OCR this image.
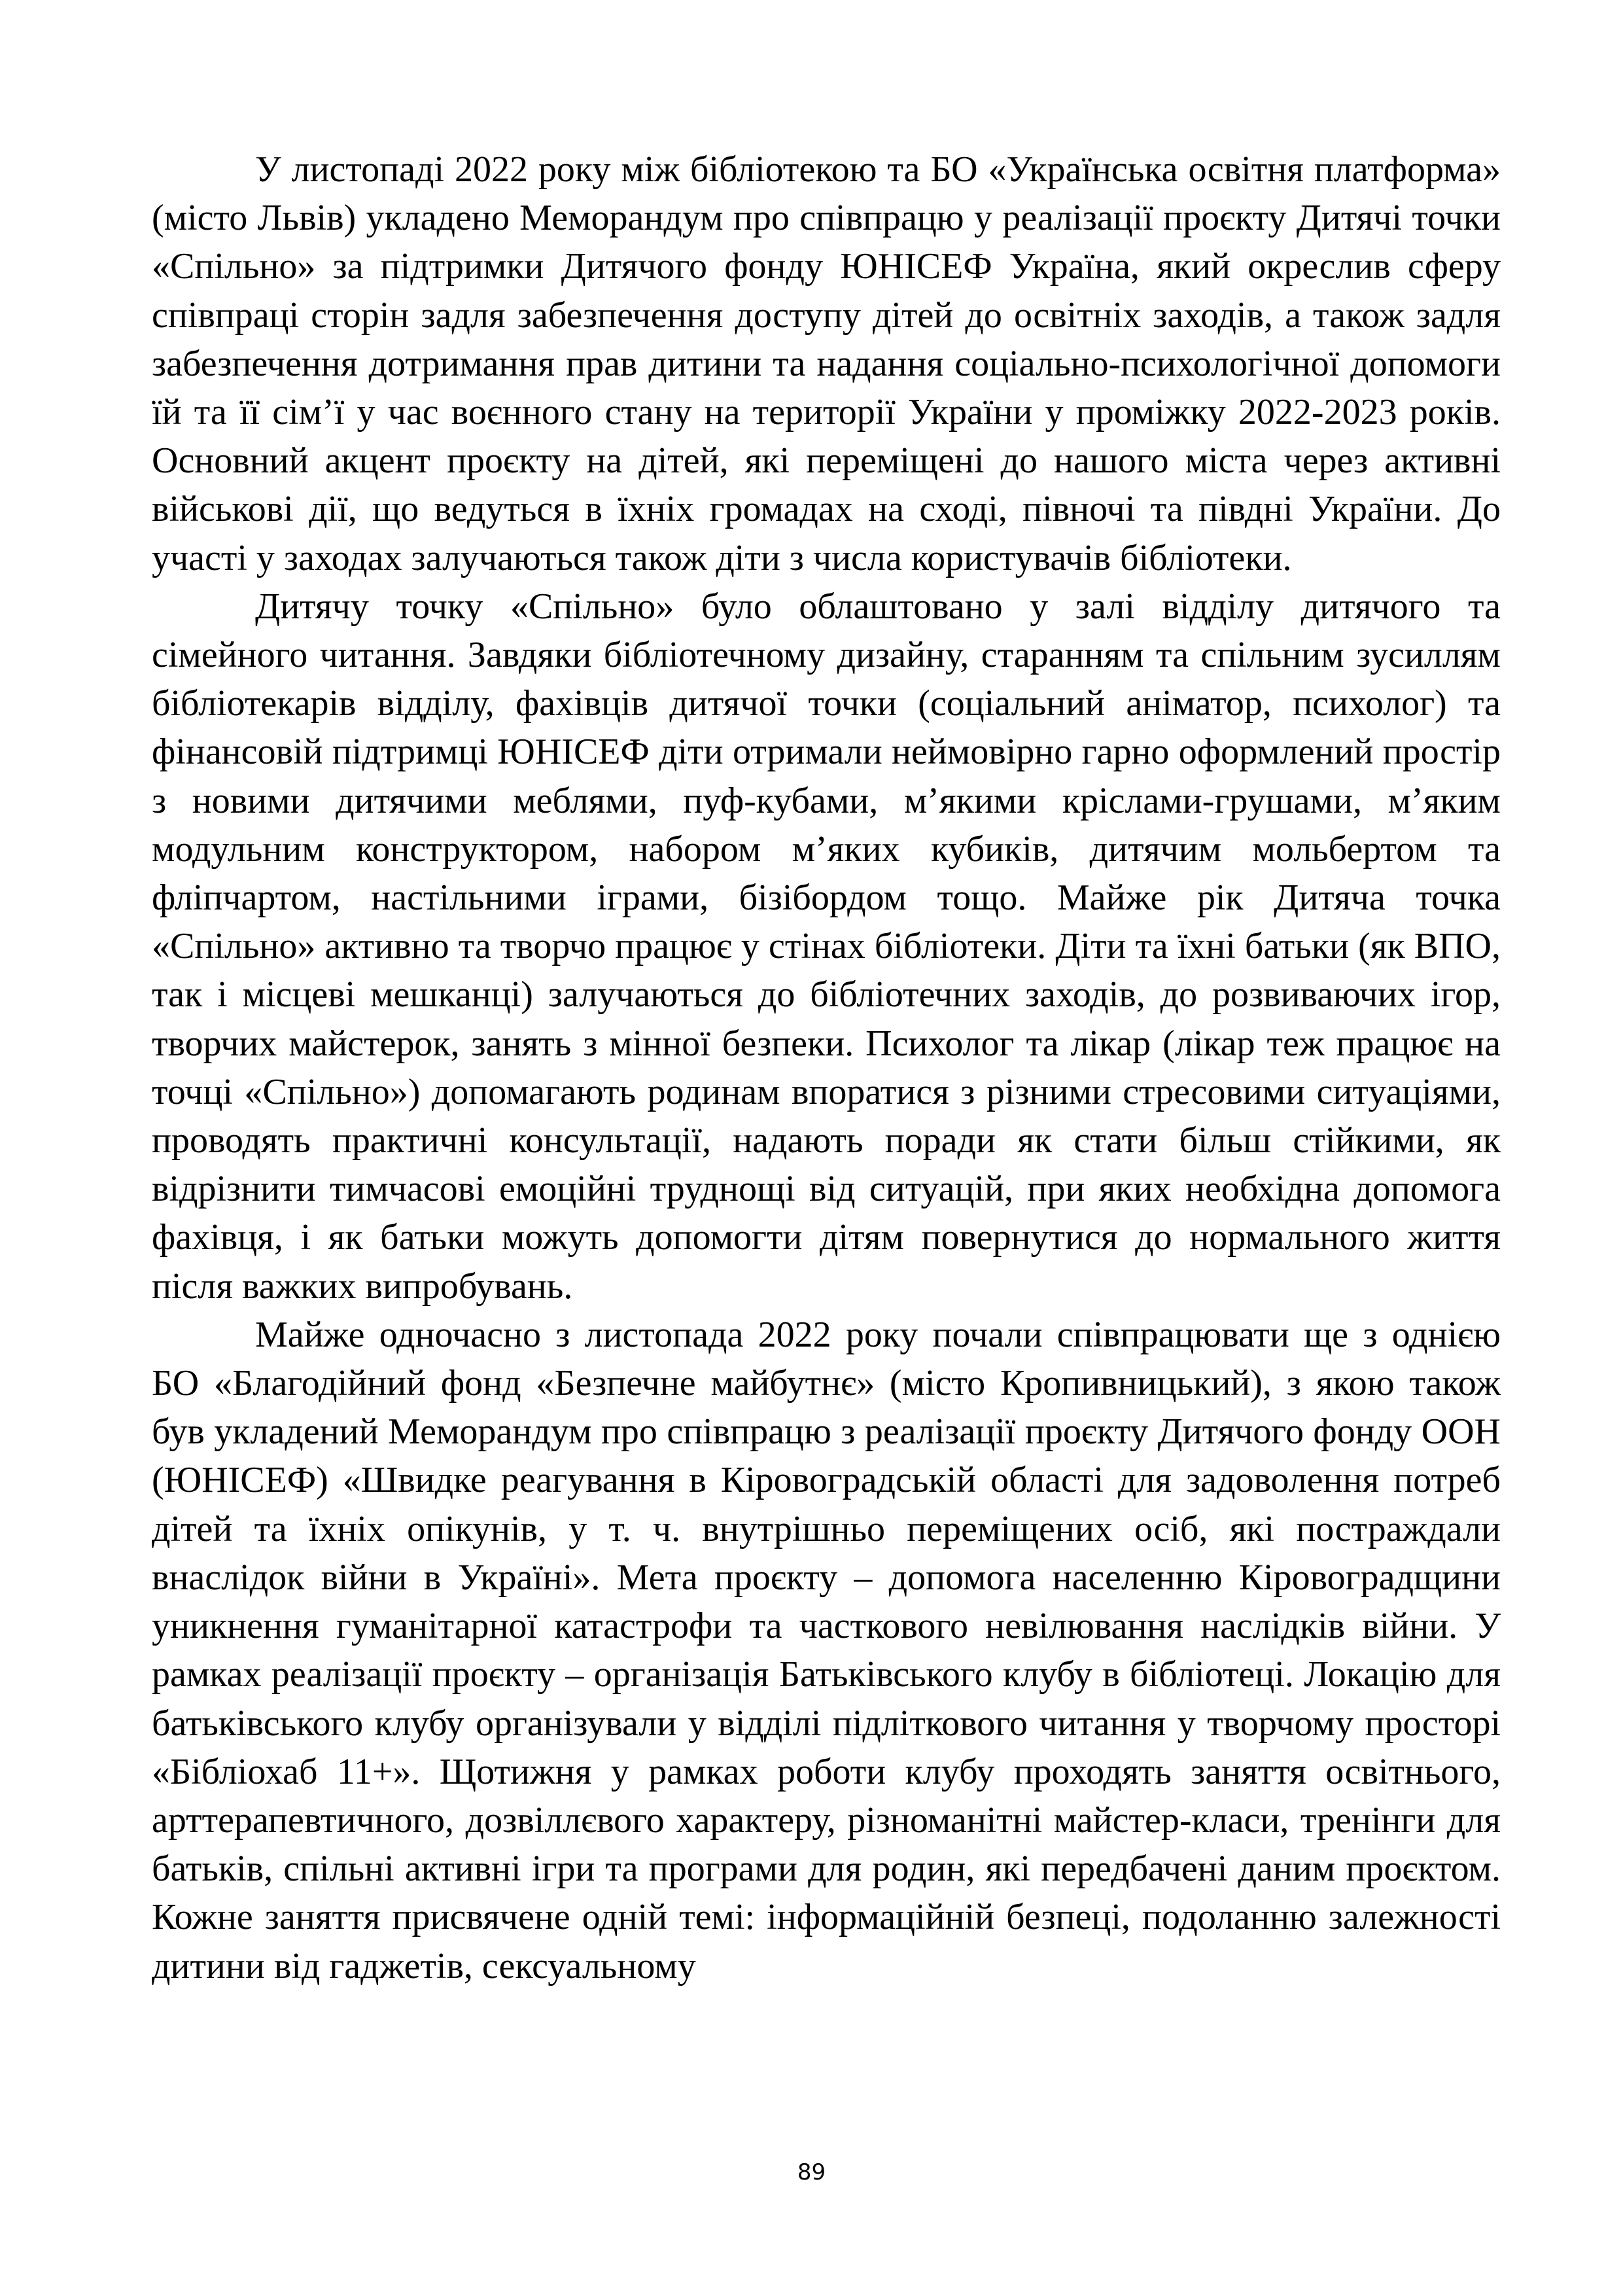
У листопаді 2022 року між бібліотекою та БО «Українська освітня платформа» (місто Львів) укладено Меморандум про співпрацю у реалізації проєкту Дитячі точки «Спільно» за підтримки Дитячого фонду ЮНІСЕФ Україна, який окреслив сферу співпраці сторін задля забезпечення доступу дітей до освітніх заходів, а також задля забезпечення дотримання прав дитини та надання соціально-психологічної допомоги їй та її сім’ї у час воєнного стану на території України у проміжку 2022-2023 років. Основний акцент проєкту на дітей, які переміщені до нашого міста через активні військові дії, що ведуться в їхніх громадах на сході, півночі та півдні України. До участі у заходах залучаються також діти з числа користувачів бібліотеки.

Дитячу точку «Спільно» було облаштовано у залі відділу дитячого та сімейного читання. Завдяки бібліотечному дизайну, старанням та спільним зусиллям бібліотекарів відділу, фахівців дитячої точки (соціальний аніматор, психолог) та фінансовій підтримці ЮНІСЕФ діти отримали неймовірно гарно оформлений простір з новими дитячими меблями, пуф-кубами, м’якими кріслами-грушами, м’яким модульним конструктором, набором м’яких кубиків, дитячим мольбертом та фліпчартом, настільними іграми, бізібордом тощо. Майже рік Дитяча точка «Спільно» активно та творчо працює у стінах бібліотеки. Діти та їхні батьки (як ВПО, так і місцеві мешканці) залучаються до бібліотечних заходів, до розвиваючих ігор, творчих майстерок, занять з мінної безпеки. Психолог та лікар (лікар теж працює на точці «Спільно») допомагають родинам впоратися з різними стресовими ситуаціями, проводять практичні консультації, надають поради як стати більш стійкими, як відрізнити тимчасові емоційні труднощі від ситуацій, при яких необхідна допомога фахівця, і як батьки можуть допомогти дітям повернутися до нормального життя після важких випробувань.

Майже одночасно з листопада 2022 року почали співпрацювати ще з однією БО «Благодійний фонд «Безпечне майбутнє» (місто Кропивницький), з якою також був укладений Меморандум про співпрацю з реалізації проєкту Дитячого фонду ООН (ЮНІСЕФ) «Швидке реагування в Кіровоградській області для задоволення потреб дітей та їхніх опікунів, у т. ч. внутрішньо переміщених осіб, які постраждали внаслідок війни в Україні». Мета проєкту – допомога населенню Кіровоградщини уникнення гуманітарної катастрофи та часткового невілювання наслідків війни. У рамках реалізації проєкту – організація Батьківського клубу в бібліотеці. Локацію для батьківського клубу організували у відділі підліткового читання у творчому просторі «Бібліохаб 11+». Щотижня у рамках роботи клубу проходять заняття освітнього, арттерапевтичного, дозвіллєвого характеру, різноманітні майстер-класи, тренінги для батьків, спільні активні ігри та програми для родин, які передбачені даним проєктом. Кожне заняття присвячене одній темі: інформаційній безпеці, подоланню залежності дитини від гаджетів, сексуальному

89
